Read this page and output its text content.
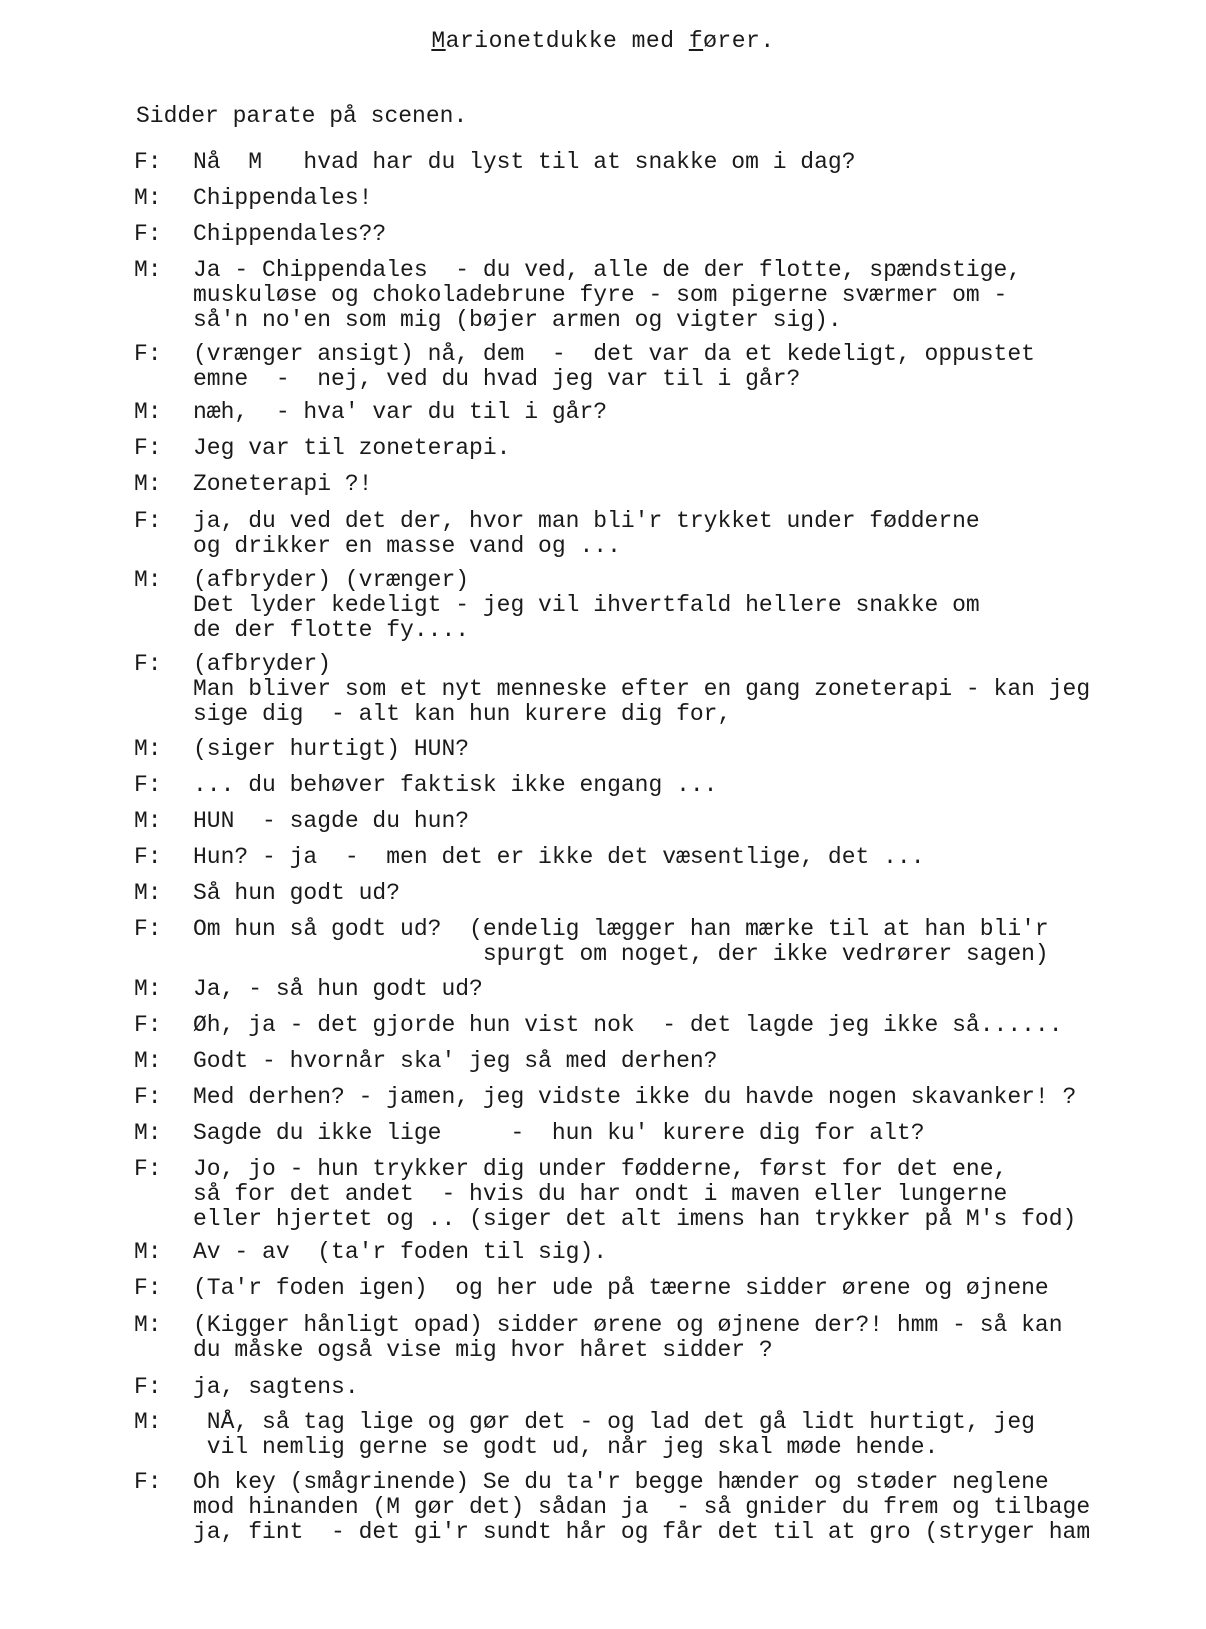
Marionetdukke med fører.
Sidder parate på scenen.
F:	Nå  M   hvad har du lyst til at snakke om i dag?
M:	Chippendales!
F:	Chippendales??
M:	Ja - Chippendales  - du ved, alle de der flotte, spændstige,
muskuløse og chokoladebrune fyre - som pigerne sværmer om -
så'n no'en som mig (bøjer armen og vigter sig).
F:	(vrænger ansigt) nå, dem  -  det var da et kedeligt, oppustet
emne  -  nej, ved du hvad jeg var til i går?
M:	næh,  - hva' var du til i går?
F:	Jeg var til zoneterapi.
M:	Zoneterapi ?!
F:	ja, du ved det der, hvor man bli'r trykket under fødderne
og drikker en masse vand og ...
M:	(afbryder) (vrænger)
Det lyder kedeligt - jeg vil ihvertfald hellere snakke om
de der flotte fy....
F:	(afbryder)
Man bliver som et nyt menneske efter en gang zoneterapi - kan jeg
sige dig  - alt kan hun kurere dig for,
M:	(siger hurtigt) HUN?
F:	... du behøver faktisk ikke engang ...
M:	HUN  - sagde du hun?
F:	Hun? - ja  -  men det er ikke det væsentlige, det ...
M:	Så hun godt ud?
F:	Om hun så godt ud?  (endelig lægger han mærke til at han bli'r
spurgt om noget, der ikke vedrører sagen)
M:	Ja, - så hun godt ud?
F:	Øh, ja - det gjorde hun vist nok  - det lagde jeg ikke så......
M:	Godt - hvornår ska' jeg så med derhen?
F:	Med derhen? - jamen, jeg vidste ikke du havde nogen skavanker! ?
M:	Sagde du ikke lige     -  hun ku' kurere dig for alt?
F:	Jo, jo - hun trykker dig under fødderne, først for det ene,
så for det andet  - hvis du har ondt i maven eller lungerne
eller hjertet og .. (siger det alt imens han trykker på M's fod)
M:	Av - av  (ta'r foden til sig).
F:	(Ta'r foden igen)  og her ude på tæerne sidder ørene og øjnene
M:	(Kigger hånligt opad) sidder ørene og øjnene der?! hmm - så kan
du måske også vise mig hvor håret sidder ?
F:	ja, sagtens.
M:	NÅ, så tag lige og gør det - og lad det gå lidt hurtigt, jeg
vil nemlig gerne se godt ud, når jeg skal møde hende.
F:	Oh key (smågrinende) Se du ta'r begge hænder og støder neglene
mod hinanden (M gør det) sådan ja  - så gnider du frem og tilbage
ja, fint  - det gi'r sundt hår og får det til at gro (stryger ham
